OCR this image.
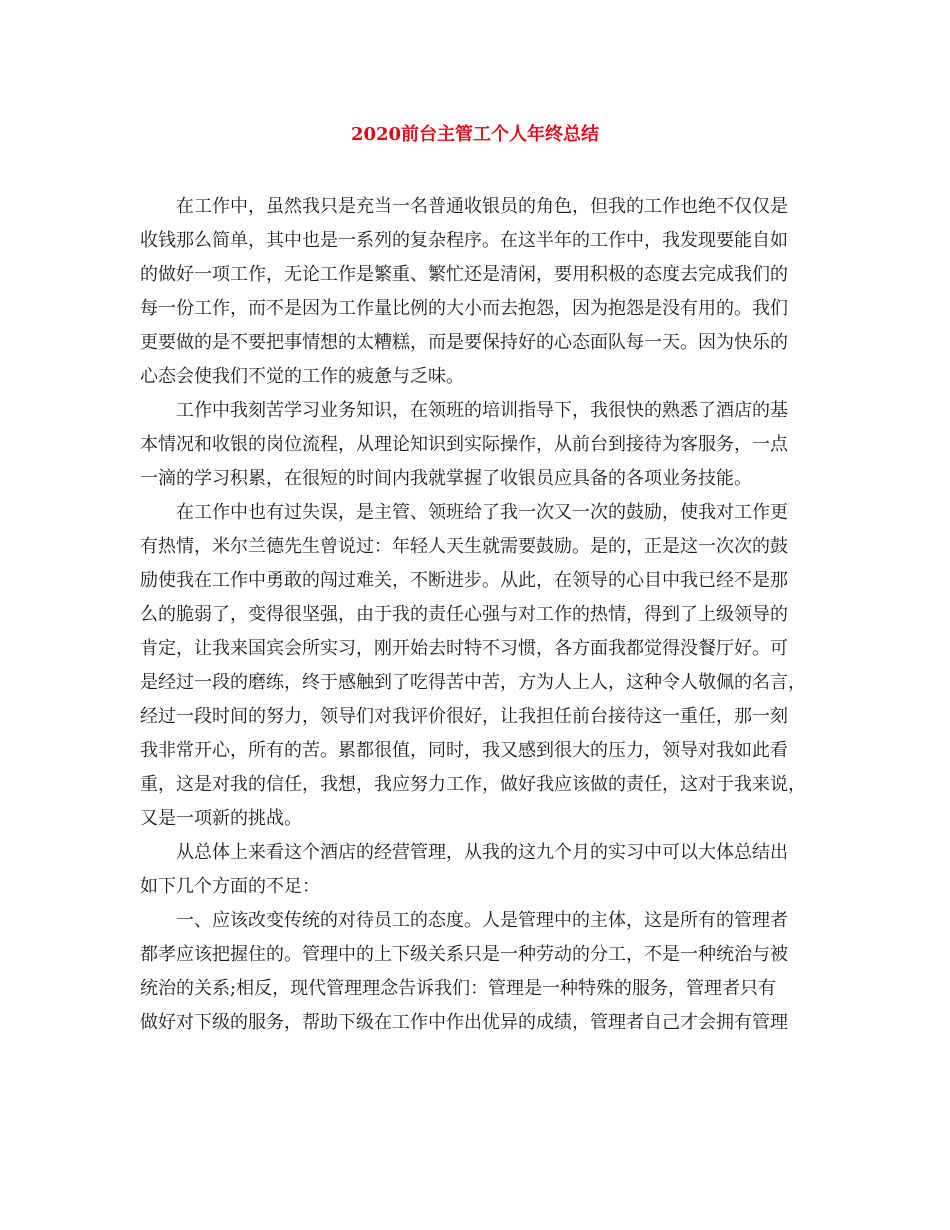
2020前台主管工个人年终总结
　　在工作中，虽然我只是充当一名普通收银员的角色，但我的工作也绝不仅仅是
收钱那么简单，其中也是一系列的复杂程序。在这半年的工作中，我发现要能自如
的做好一项工作，无论工作是繁重、繁忙还是清闲，要用积极的态度去完成我们的
每一份工作，而不是因为工作量比例的大小而去抱怨，因为抱怨是没有用的。我们
更要做的是不要把事情想的太糟糕，而是要保持好的心态面队每一天。因为快乐的
心态会使我们不觉的工作的疲惫与乏味。
　　工作中我刻苦学习业务知识，在领班的培训指导下，我很快的熟悉了酒店的基
本情况和收银的岗位流程，从理论知识到实际操作，从前台到接待为客服务，一点
一滴的学习积累，在很短的时间内我就掌握了收银员应具备的各项业务技能。
　　在工作中也有过失误，是主管、领班给了我一次又一次的鼓励，使我对工作更
有热情，米尔兰德先生曾说过：年轻人天生就需要鼓励。是的，正是这一次次的鼓
励使我在工作中勇敢的闯过难关，不断进步。从此，在领导的心目中我已经不是那
么的脆弱了，变得很坚强，由于我的责任心强与对工作的热情，得到了上级领导的
肯定，让我来国宾会所实习，刚开始去时特不习惯，各方面我都觉得没餐厅好。可
是经过一段的磨练，终于感触到了吃得苦中苦，方为人上人，这种令人敬佩的名言，
经过一段时间的努力，领导们对我评价很好，让我担任前台接待这一重任，那一刻
我非常开心，所有的苦。累都很值，同时，我又感到很大的压力，领导对我如此看
重，这是对我的信任，我想，我应努力工作，做好我应该做的责任，这对于我来说，
又是一项新的挑战。
　　从总体上来看这个酒店的经营管理，从我的这九个月的实习中可以大体总结出
如下几个方面的不足：
　　一、应该改变传统的对待员工的态度。人是管理中的主体，这是所有的管理者
都孝应该把握住的。管理中的上下级关系只是一种劳动的分工，不是一种统治与被
统治的关系;相反，现代管理理念告诉我们：管理是一种特殊的服务，管理者只有
做好对下级的服务，帮助下级在工作中作出优异的成绩，管理者自己才会拥有管理
